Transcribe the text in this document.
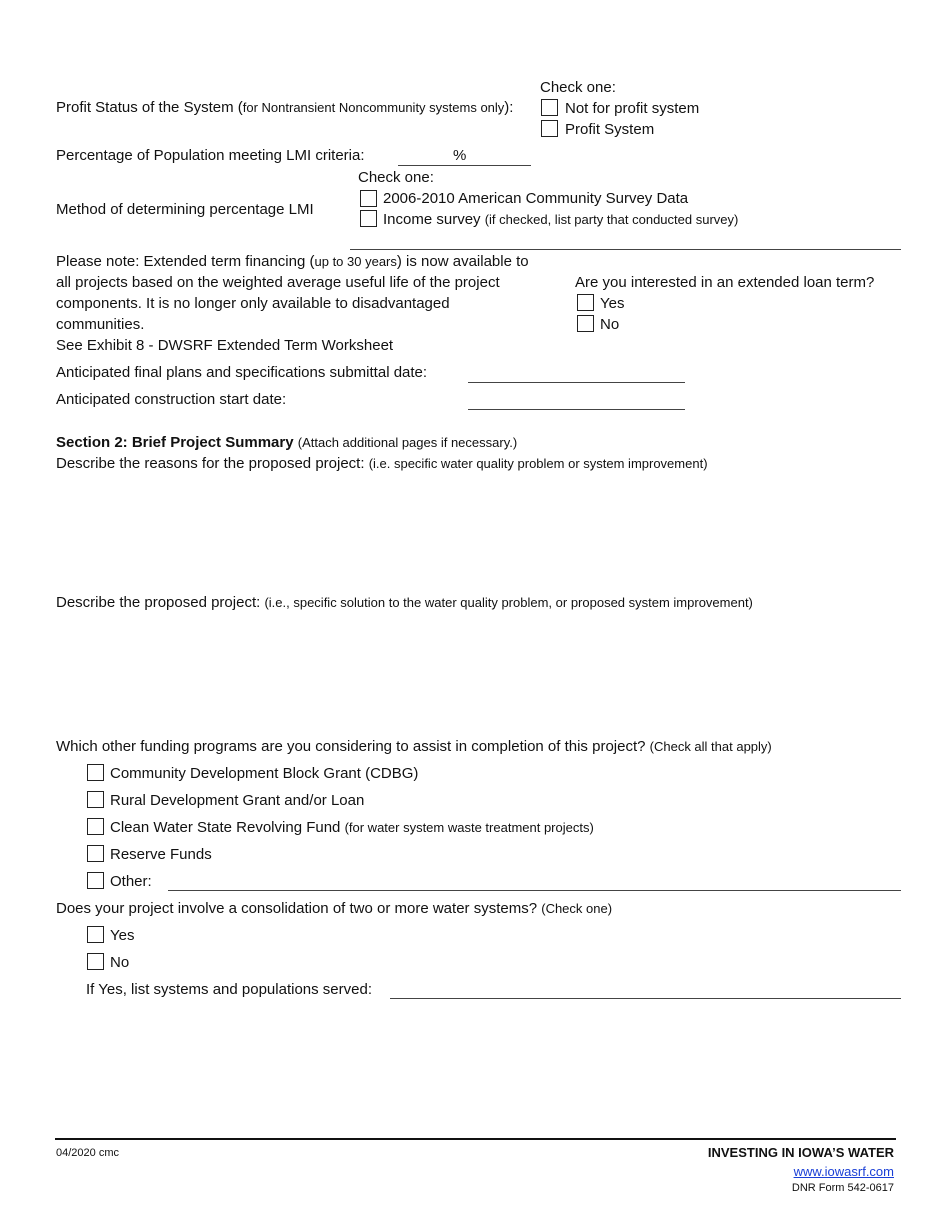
Profit Status of the System (for Nontransient Noncommunity systems only):
Check one:
Not for profit system
Profit System
Percentage of Population meeting LMI criteria:	%
Method of determining percentage LMI
Check one:
2006-2010 American Community Survey Data
Income survey (if checked, list party that conducted survey)
Please note: Extended term financing (up to 30 years) is now available to
all projects based on the weighted average useful life of the project
components. It is no longer only available to disadvantaged
communities.
See Exhibit 8 - DWSRF Extended Term Worksheet
Are you interested in an extended loan term?
Yes
No
Anticipated final plans and specifications submittal date:
Anticipated construction start date:
Section 2: Brief Project Summary (Attach additional pages if necessary.)
Describe the reasons for the proposed project: (i.e. specific water quality problem or system improvement)
Describe the proposed project: (i.e., specific solution to the water quality problem, or proposed system improvement)
Which other funding programs are you considering to assist in completion of this project? (Check all that apply)
Community Development Block Grant (CDBG)
Rural Development Grant and/or Loan
Clean Water State Revolving Fund (for water system waste treatment projects)
Reserve Funds
Other:
Does your project involve a consolidation of two or more water systems? (Check one)
Yes
No
If Yes, list systems and populations served:
04/2020 cmc	INVESTING IN IOWA’S WATER
www.iowasrf.com
DNR Form 542-0617
